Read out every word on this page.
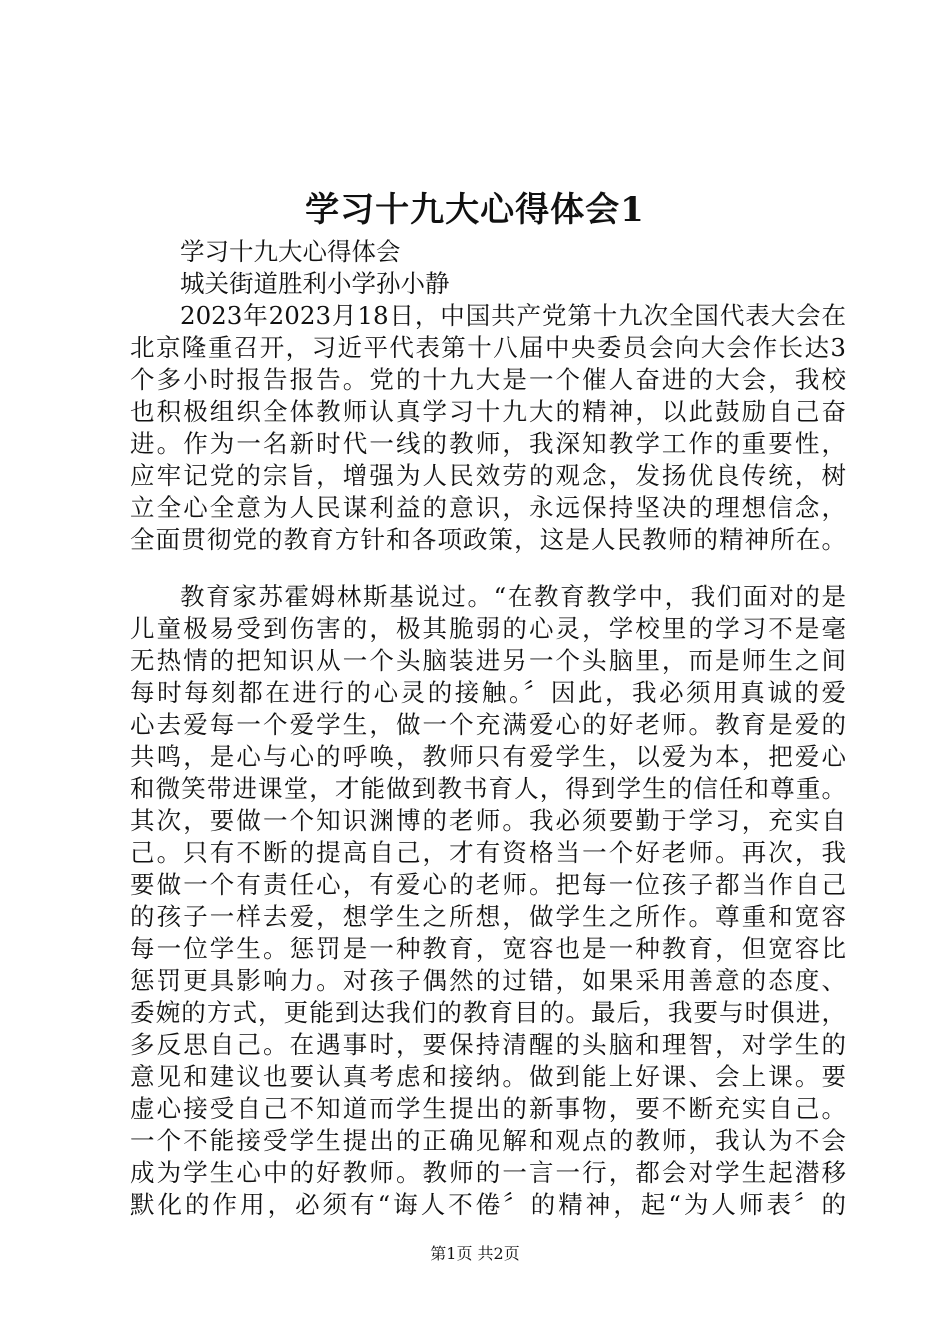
学习十九大心得体会1
学习十九大心得体会
城关街道胜利小学孙小静
2023年2023月18日，中国共产党第十九次全国代表大会在
北京隆重召开，习近平代表第十八届中央委员会向大会作长达3
个多小时报告报告。党的十九大是一个催人奋进的大会，我校
也积极组织全体教师认真学习十九大的精神，以此鼓励自己奋
进。作为一名新时代一线的教师，我深知教学工作的重要性，
应牢记党的宗旨，增强为人民效劳的观念，发扬优良传统，树
立全心全意为人民谋利益的意识，永远保持坚决的理想信念，
全面贯彻党的教育方针和各项政策，这是人民教师的精神所在。
教育家苏霍姆林斯基说过。“在教育教学中，我们面对的是
儿童极易受到伤害的，极其脆弱的心灵，学校里的学习不是毫
无热情的把知识从一个头脑装进另一个头脑里，而是师生之间
每时每刻都在进行的心灵的接触。〞因此，我必须用真诚的爱
心去爱每一个爱学生，做一个充满爱心的好老师。教育是爱的
共鸣，是心与心的呼唤，教师只有爱学生，以爱为本，把爱心
和微笑带进课堂，才能做到教书育人，得到学生的信任和尊重。
其次，要做一个知识渊博的老师。我必须要勤于学习，充实自
己。只有不断的提高自己，才有资格当一个好老师。再次，我
要做一个有责任心，有爱心的老师。把每一位孩子都当作自己
的孩子一样去爱，想学生之所想，做学生之所作。尊重和宽容
每一位学生。惩罚是一种教育，宽容也是一种教育，但宽容比
惩罚更具影响力。对孩子偶然的过错，如果采用善意的态度、
委婉的方式，更能到达我们的教育目的。最后，我要与时俱进，
多反思自己。在遇事时，要保持清醒的头脑和理智，对学生的
意见和建议也要认真考虑和接纳。做到能上好课、会上课。要
虚心接受自己不知道而学生提出的新事物，要不断充实自己。
一个不能接受学生提出的正确见解和观点的教师，我认为不会
成为学生心中的好教师。教师的一言一行，都会对学生起潜移
默化的作用，必须有“诲人不倦〞的精神，起“为人师表〞的
第1页 共2页
